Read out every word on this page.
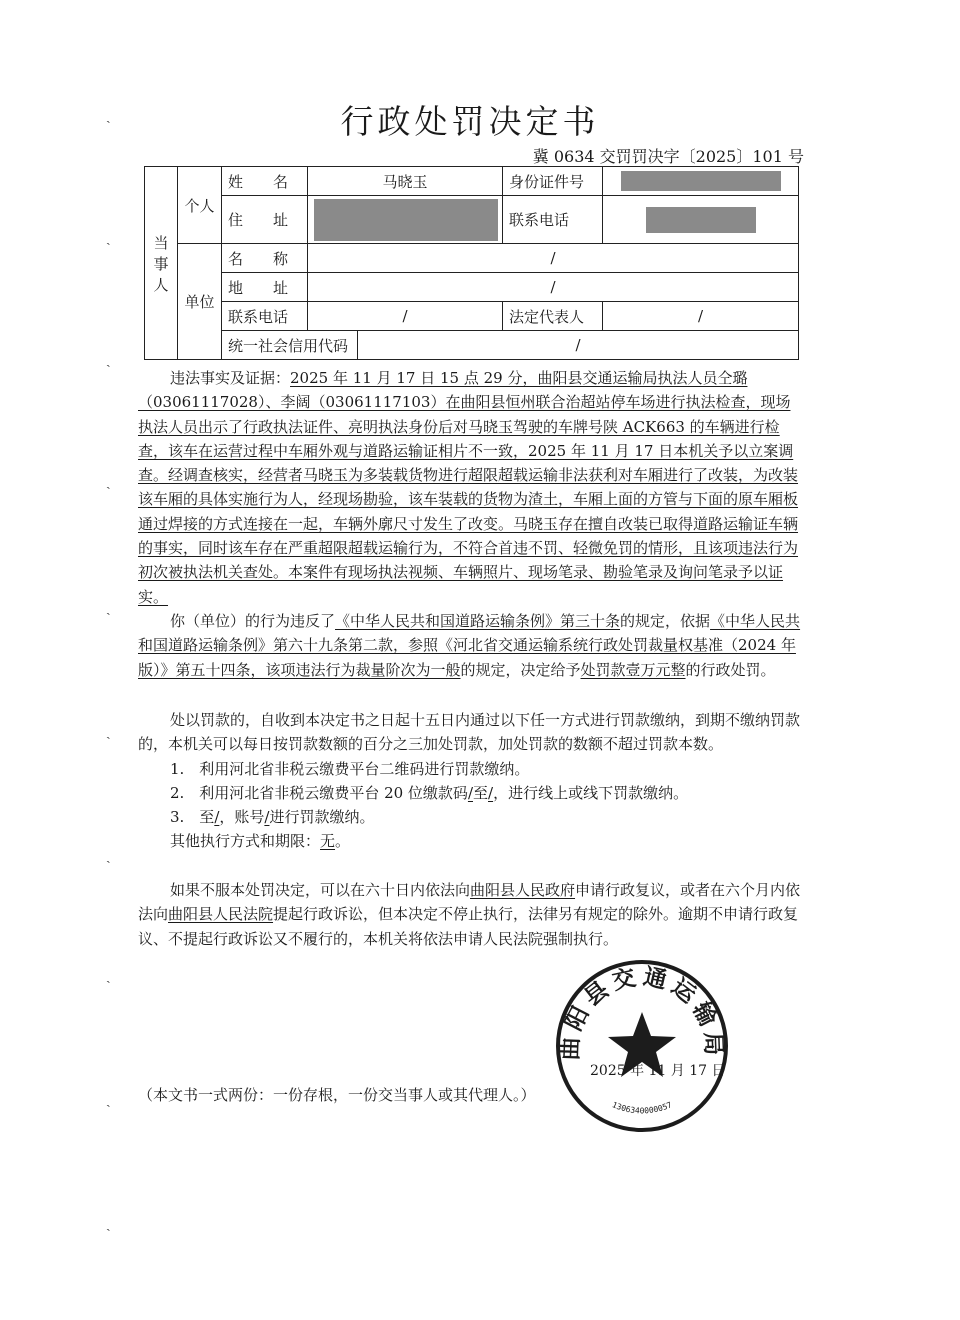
行政处罚决定书
冀 0634 交罚罚决字〔2025〕101 号
当事人	个人	姓　　名	马晓玉		身份证件号	
		住　　址			联系电话	
	单位	名　　称	/			
		地　　址	/			
		联系电话	/		法定代表人	/
		统一社会信用代码		/		

违法事实及证据：2025 年 11 月 17 日 15 点 29 分，曲阳县交通运输局执法人员仝璐（03061117028）、李阔（03061117103）在曲阳县恒州联合治超站停车场进行执法检查，现场执法人员出示了行政执法证件、亮明执法身份后对马晓玉驾驶的车牌号陕 ACK663 的车辆进行检查，该车在运营过程中车厢外观与道路运输证相片不一致，2025 年 11 月 17 日本机关予以立案调查。经调查核实，经营者马晓玉为多装载货物进行超限超载运输非法获利对车厢进行了改装，为改装该车厢的具体实施行为人，经现场勘验，该车装载的货物为渣土，车厢上面的方管与下面的原车厢板通过焊接的方式连接在一起，车辆外廓尺寸发生了改变。马晓玉存在擅自改装已取得道路运输证车辆的事实，同时该车存在严重超限超载运输行为，不符合首违不罚、轻微免罚的情形，且该项违法行为初次被执法机关查处。本案件有现场执法视频、车辆照片、现场笔录、勘验笔录及询问笔录予以证实。

你（单位）的行为违反了《中华人民共和国道路运输条例》第三十条的规定，依据《中华人民共和国道路运输条例》第六十九条第二款，参照《河北省交通运输系统行政处罚裁量权基准（2024 年版）》第五十四条，该项违法行为裁量阶次为一般的规定，决定给予处罚款壹万元整的行政处罚。

处以罚款的，自收到本决定书之日起十五日内通过以下任一方式进行罚款缴纳，到期不缴纳罚款的，本机关可以每日按罚款数额的百分之三加处罚款，加处罚款的数额不超过罚款本数。

1.　利用河北省非税云缴费平台二维码进行罚款缴纳。

2.　利用河北省非税云缴费平台 20 位缴款码/至/，进行线上或线下罚款缴纳。

3.　至/，账号/进行罚款缴纳。

其他执行方式和期限：无。

如果不服本处罚决定，可以在六十日内依法向曲阳县人民政府申请行政复议，或者在六个月内依法向曲阳县人民法院提起行政诉讼，但本决定不停止执行，法律另有规定的除外。逾期不申请行政复议、不提起行政诉讼又不履行的，本机关将依法申请人民法院强制执行。

曲阳县交通运输局
1306340000057
2025 年 11 月 17 日
（本文书一式两份：一份存根，一份交当事人或其代理人。）
ˎ
ˎ
ˎ
ˎ
ˎ
ˎ
ˎ
ˎ
ˎ
ˎ
